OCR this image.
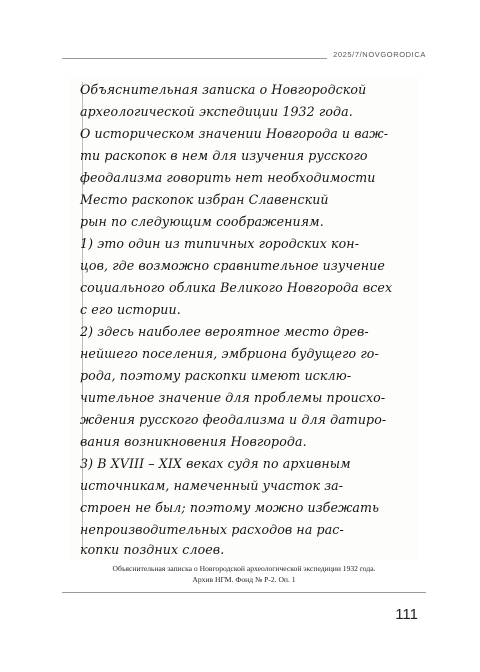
2025/7/NOVGORODICA
Объяснительная записка о Новгородской
археологической экспедиции 1932 года.
О историческом значении Новгорода и важ-
ти раскопок в нем для изучения русского
феодализма говорить нет необходимости
Место раскопок избран Славенский
рын по следующим соображениям.
1) это один из типичных городских кон-
цов, где возможно сравнительное изучение
социального облика Великого Новгорода всех
с его истории.
2) здесь наиболее вероятное место древ-
нейшего поселения, эмбриона будущего го-
рода, поэтому раскопки имеют исклю-
чительное значение для проблемы происхо-
ждения русского феодализма и для датиро-
вания возникновения Новгорода.
3) В XVIII – XIX веках судя по архивным
источникам, намеченный участок за-
строен не был; поэтому можно избежать
непроизводительных расходов на рас-
копки поздних слоев.
Объяснительная записка о Новгородской археологической экспедиции 1932 года.
Архив НГМ. Фонд № Р-2. Оп. 1
111
